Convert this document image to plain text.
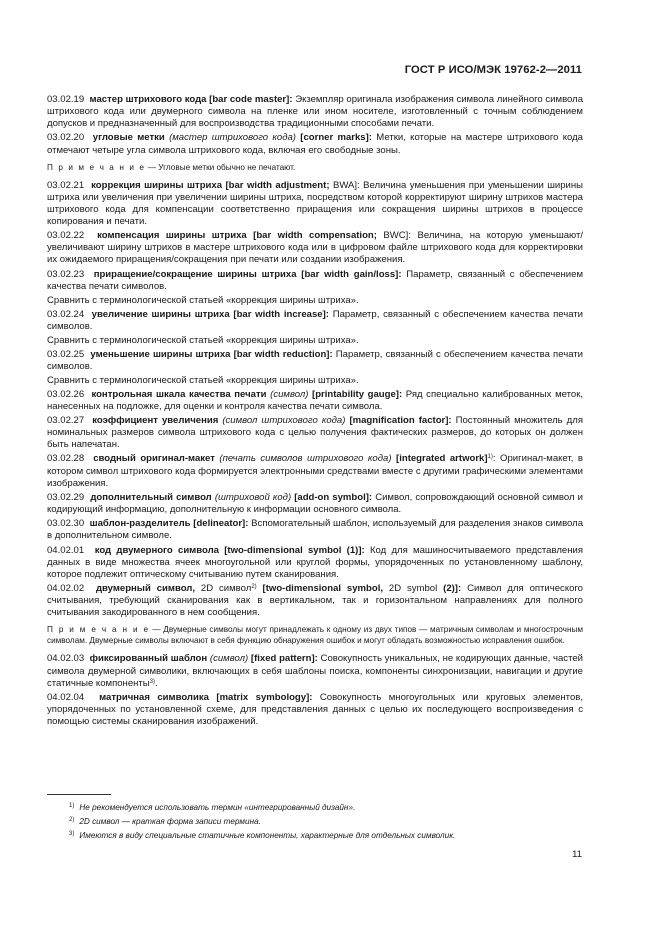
ГОСТ Р ИСО/МЭК 19762-2—2011

03.02.19 мастер штрихового кода [bar code master]: Экземпляр оригинала изображения символа линейного символа штрихового кода или двумерного символа на пленке или ином носителе, изготовленный с точным соблюдением допусков и предназначенный для воспроизводства традиционными способами печати.

03.02.20 угловые метки (мастер штрихового кода) [corner marks]: Метки, которые на мастере штрихового кода отмечают четыре угла символа штрихового кода, включая его свободные зоны.

П р и м е ч а н и е — Угловые метки обычно не печатают.

03.02.21 коррекция ширины штриха [bar width adjustment; BWA]: Величина уменьшения при уменьшении ширины штриха или увеличения при увеличении ширины штриха, посредством которой корректируют ширину штрихов мастера штрихового кода для компенсации соответственно приращения или сокращения ширины штрихов в процессе копирования и печати.

03.02.22 компенсация ширины штриха [bar width compensation; BWC]: Величина, на которую уменьшают/увеличивают ширину штрихов в мастере штрихового кода или в цифровом файле штрихового кода для корректировки их ожидаемого приращения/сокращения при печати или создании изображения.

03.02.23 приращение/сокращение ширины штриха [bar width gain/loss]: Параметр, связанный с обеспечением качества печати символов.

Сравнить с терминологической статьей «коррекция ширины штриха».

03.02.24 увеличение ширины штриха [bar width increase]: Параметр, связанный с обеспечением качества печати символов.

Сравнить с терминологической статьей «коррекция ширины штриха».

03.02.25 уменьшение ширины штриха [bar width reduction]: Параметр, связанный с обеспечением качества печати символов.

Сравнить с терминологической статьей «коррекция ширины штриха».

03.02.26 контрольная шкала качества печати (символ) [printability gauge]: Ряд специально калиброванных меток, нанесенных на подложке, для оценки и контроля качества печати символа.

03.02.27 коэффициент увеличения (символ штрихового кода) [magnification factor]: Постоянный множитель для номинальных размеров символа штрихового кода с целью получения фактических размеров, до которых он должен быть напечатан.

03.02.28 сводный оригинал-макет (печать символов штрихового кода) [integrated artwork]$^{1)}$: Оригинал-макет, в котором символ штрихового кода формируется электронными средствами вместе с другими графическими элементами изображения.

03.02.29 дополнительный символ (штриховой код) [add-on symbol]: Символ, сопровождающий основной символ и кодирующий информацию, дополнительную к информации основного символа.

03.02.30 шаблон-разделитель [delineator]: Вспомогательный шаблон, используемый для разделения знаков символа в дополнительном символе.

04.02.01 код двумерного символа [two-dimensional symbol (1)]: Код для машиносчитываемого представления данных в виде множества ячеек многоугольной или круглой формы, упорядоченных по установленному шаблону, которое подлежит оптическому считыванию путем сканирования.

04.02.02 двумерный символ, 2D символ$^{2)}$ [two-dimensional symbol, 2D symbol (2)]: Символ для оптического считывания, требующий сканирования как в вертикальном, так и горизонтальном направлениях для полного считывания закодированного в нем сообщения.

П р и м е ч а н и е — Двумерные символы могут принадлежать к одному из двух типов — матричным символам и многострочным символам. Двумерные символы включают в себя функцию обнаружения ошибок и могут обладать возможностью исправления ошибок.

04.02.03 фиксированный шаблон (символ) [fixed pattern]: Совокупность уникальных, не кодирующих данные, частей символа двумерной символики, включающих в себя шаблоны поиска, компоненты синхронизации, навигации и другие статичные компоненты$^{3)}$.

04.02.04 матричная символика [matrix symbology]: Совокупность многоугольных или круговых элементов, упорядоченных по установленной схеме, для представления данных с целью их последующего воспроизведения с помощью системы сканирования изображений.

$^{1)}$ Не рекомендуется использовать термин «интегрированный дизайн».
$^{2)}$ 2D символ — краткая форма записи термина.
$^{3)}$ Имеются в виду специальные статичные компоненты, характерные для отдельных символик.
11
